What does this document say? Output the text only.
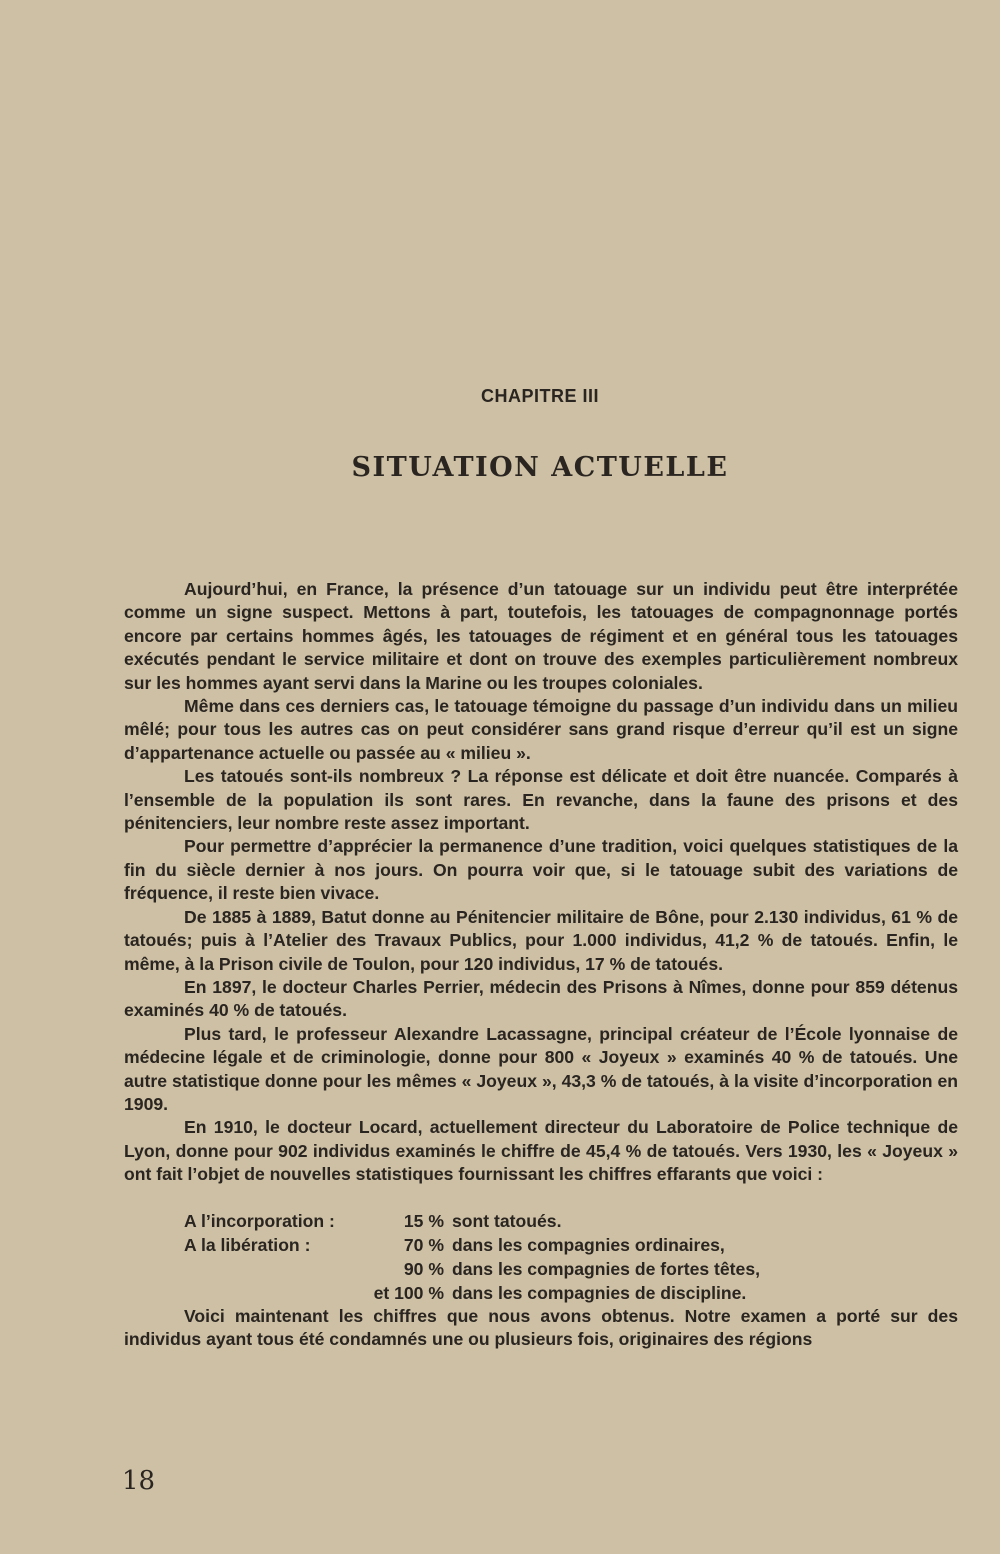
CHAPITRE III
SITUATION ACTUELLE

Aujourd’hui, en France, la présence d’un tatouage sur un individu peut être interprétée comme un signe suspect. Mettons à part, toutefois, les tatouages de compagnonnage portés encore par certains hommes âgés, les tatouages de régiment et en général tous les tatouages exécutés pendant le service militaire et dont on trouve des exemples particulièrement nombreux sur les hommes ayant servi dans la Marine ou les troupes coloniales.

Même dans ces derniers cas, le tatouage témoigne du passage d’un individu dans un milieu mêlé; pour tous les autres cas on peut considérer sans grand risque d’erreur qu’il est un signe d’appartenance actuelle ou passée au « milieu ».

Les tatoués sont-ils nombreux ? La réponse est délicate et doit être nuancée. Comparés à l’ensemble de la population ils sont rares. En revanche, dans la faune des prisons et des pénitenciers, leur nombre reste assez important.

Pour permettre d’apprécier la permanence d’une tradition, voici quelques statistiques de la fin du siècle dernier à nos jours. On pourra voir que, si le tatouage subit des variations de fréquence, il reste bien vivace.

De 1885 à 1889, Batut donne au Pénitencier militaire de Bône, pour 2.130 individus, 61 % de tatoués; puis à l’Atelier des Travaux Publics, pour 1.000 individus, 41,2 % de tatoués. Enfin, le même, à la Prison civile de Toulon, pour 120 individus, 17 % de tatoués.

En 1897, le docteur Charles Perrier, médecin des Prisons à Nîmes, donne pour 859 détenus examinés 40 % de tatoués.

Plus tard, le professeur Alexandre Lacassagne, principal créateur de l’École lyonnaise de médecine légale et de criminologie, donne pour 800 « Joyeux » examinés 40 % de tatoués. Une autre statistique donne pour les mêmes « Joyeux », 43,3 % de tatoués, à la visite d’incorporation en 1909.

En 1910, le docteur Locard, actuellement directeur du Laboratoire de Police technique de Lyon, donne pour 902 individus examinés le chiffre de 45,4 % de tatoués. Vers 1930, les « Joyeux » ont fait l’objet de nouvelles statistiques fournissant les chiffres effarants que voici :

A l’incorporation :	15 % sont tatoués.
A la libération :	70 % dans les compagnies ordinaires,
90 % dans les compagnies de fortes têtes,
et 100 % dans les compagnies de discipline.

Voici maintenant les chiffres que nous avons obtenus. Notre examen a porté sur des individus ayant tous été condamnés une ou plusieurs fois, originaires des régions

18
